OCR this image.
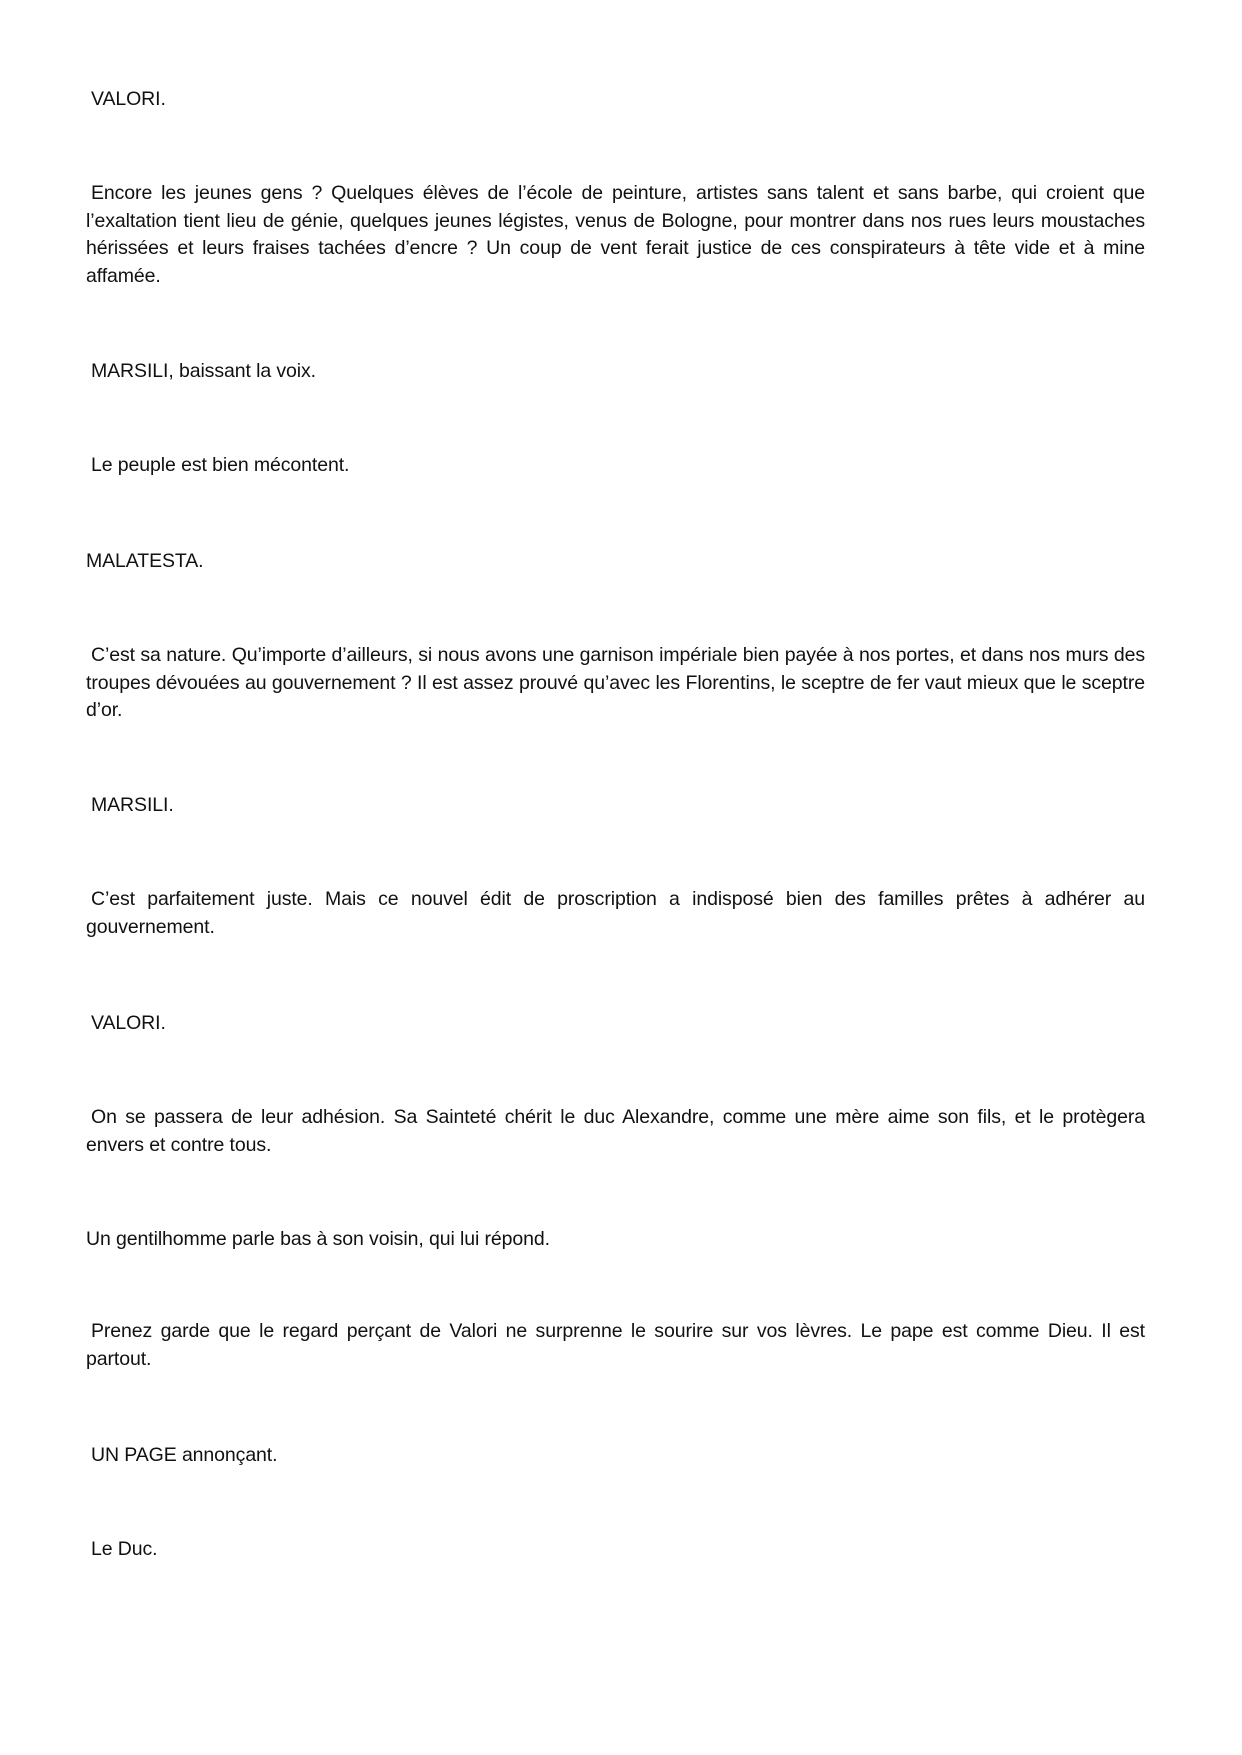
VALORI.

Encore les jeunes gens ? Quelques élèves de l’école de peinture, artistes sans talent et sans barbe, qui croient que l’exaltation tient lieu de génie, quelques jeunes légistes, venus de Bologne, pour montrer dans nos rues leurs moustaches hérissées et leurs fraises tachées d’encre ? Un coup de vent ferait justice de ces conspirateurs à tête vide et à mine affamée.

MARSILI, baissant la voix.

Le peuple est bien mécontent.

MALATESTA.

C’est sa nature. Qu’importe d’ailleurs, si nous avons une garnison impériale bien payée à nos portes, et dans nos murs des troupes dévouées au gouvernement ? Il est assez prouvé qu’avec les Florentins, le sceptre de fer vaut mieux que le sceptre d’or.

MARSILI.

C’est parfaitement juste. Mais ce nouvel édit de proscription a indisposé bien des familles prêtes à adhérer au gouvernement.

VALORI.

On se passera de leur adhésion. Sa Sainteté chérit le duc Alexandre, comme une mère aime son fils, et le protègera envers et contre tous.

Un gentilhomme parle bas à son voisin, qui lui répond.

Prenez garde que le regard perçant de Valori ne surprenne le sourire sur vos lèvres. Le pape est comme Dieu. Il est partout.

UN PAGE annonçant.

Le Duc.
